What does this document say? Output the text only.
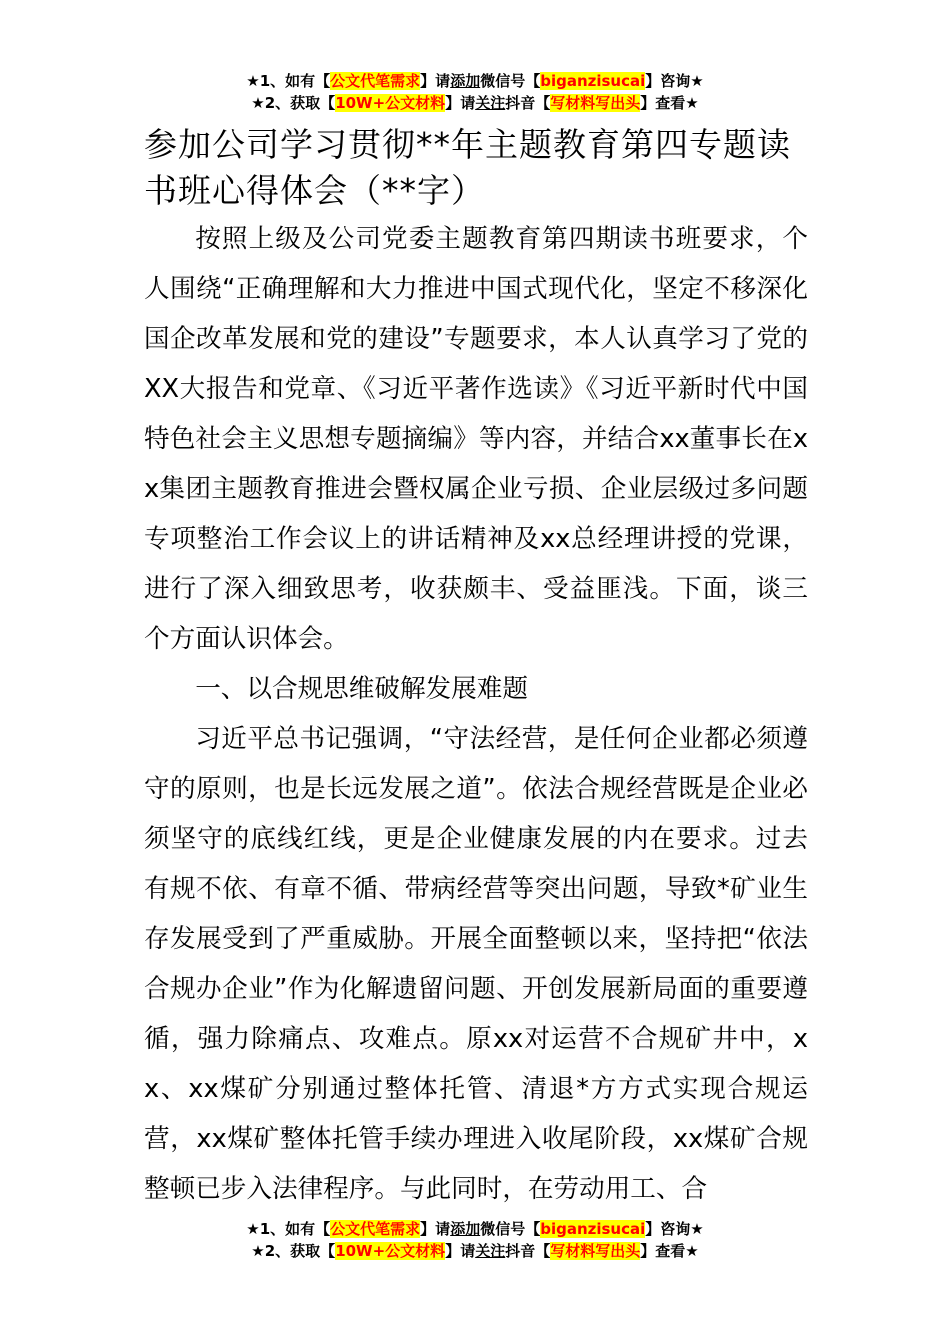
★1、如有【公文代笔需求】请添加微信号【biganzisucai】咨询★
★2、获取【10W+公文材料】请关注抖音【写材料写出头】查看★
参加公司学习贯彻**年主题教育第四专题读书班心得体会（**字）

按照上级及公司党委主题教育第四期读书班要求，个人围绕“正确理解和大力推进中国式现代化，坚定不移深化国企改革发展和党的建设”专题要求，本人认真学习了党的XX大报告和党章、《习近平著作选读》《习近平新时代中国特色社会主义思想专题摘编》等内容，并结合xx董事长在xx集团主题教育推进会暨权属企业亏损、企业层级过多问题专项整治工作会议上的讲话精神及xx总经理讲授的党课，进行了深入细致思考，收获颇丰、受益匪浅。下面，谈三个方面认识体会。

一、以合规思维破解发展难题

习近平总书记强调，“守法经营，是任何企业都必须遵守的原则，也是长远发展之道”。依法合规经营既是企业必须坚守的底线红线，更是企业健康发展的内在要求。过去有规不依、有章不循、带病经营等突出问题，导致*矿业生存发展受到了严重威胁。开展全面整顿以来，坚持把“依法合规办企业”作为化解遗留问题、开创发展新局面的重要遵循，强力除痛点、攻难点。原xx对运营不合规矿井中，xx、xx煤矿分别通过整体托管、清退*方方式实现合规运营，xx煤矿整体托管手续办理进入收尾阶段，xx煤矿合规整顿已步入法律程序。与此同时，在劳动用工、合

★1、如有【公文代笔需求】请添加微信号【biganzisucai】咨询★
★2、获取【10W+公文材料】请关注抖音【写材料写出头】查看★
